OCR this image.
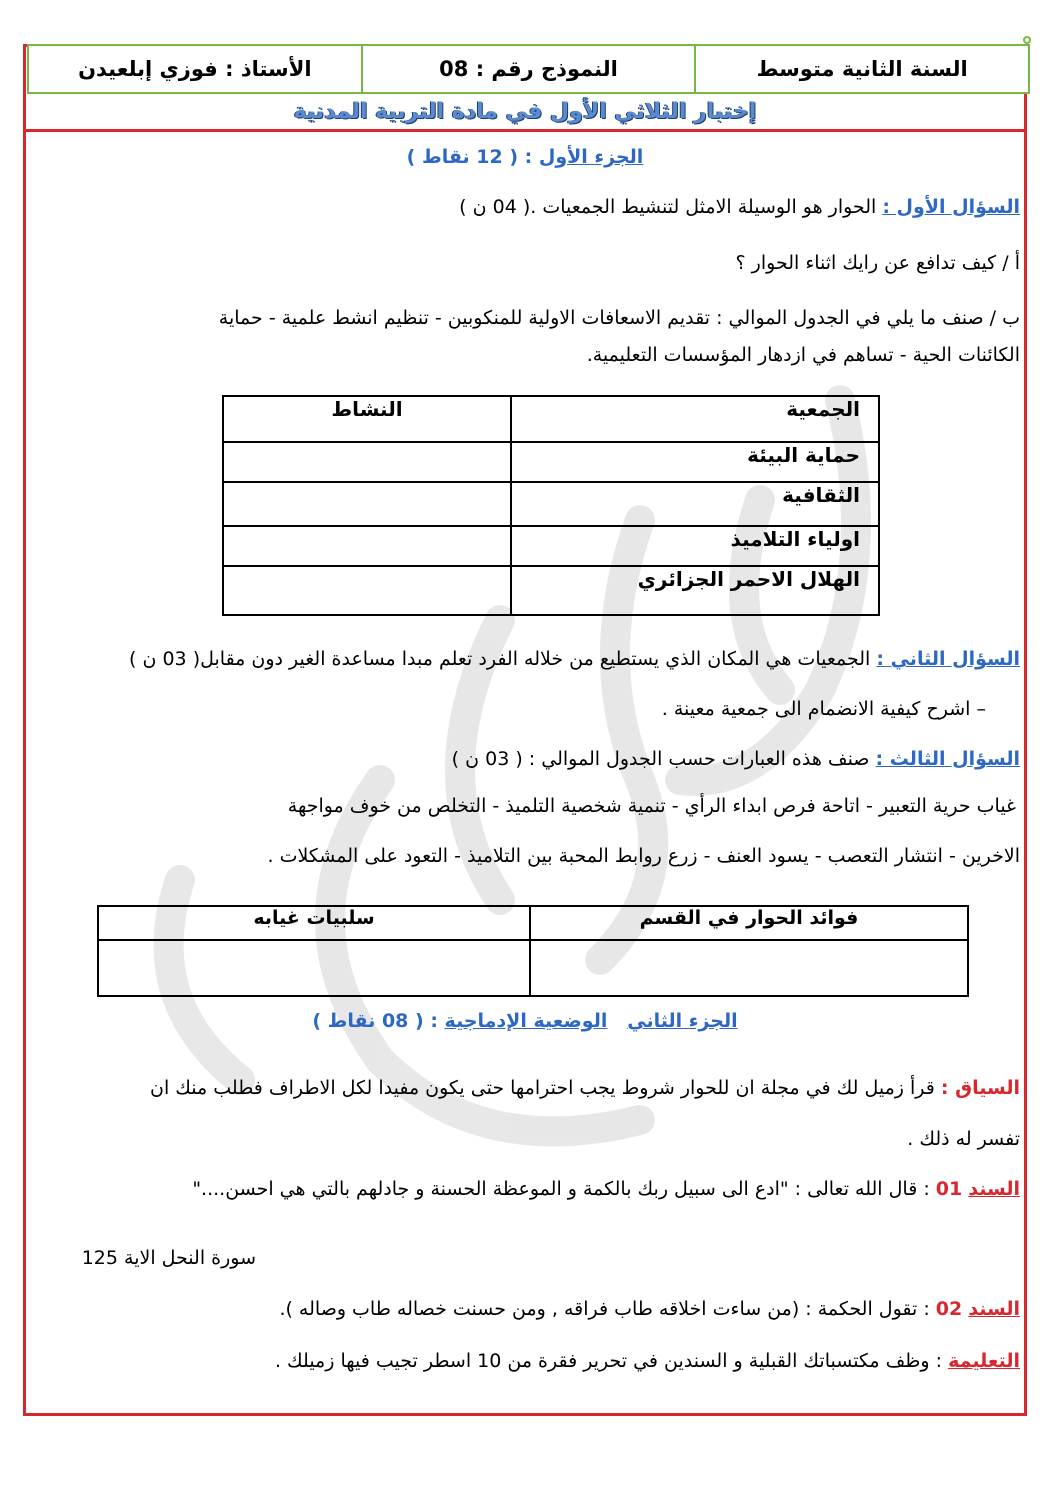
السنة الثانية متوسط
النموذج رقم : 08
الأستاذ : فوزي إبلعيدن
إختبار الثلاثي الأول في مادة التربية المدنية
الجزء الأول : ( 12 نقاط )
السؤال الأول : الحوار هو الوسيلة الامثل لتنشيط الجمعيات .( 04 ن )
أ / كيف تدافع عن رايك اثناء الحوار ؟
ب / صنف ما يلي في الجدول الموالي : تقديم الاسعافات الاولية للمنكوبين - تنظيم انشط علمية - حماية
الكائنات الحية - تساهم في ازدهار المؤسسات التعليمية.
الجمعية	النشاط
حماية البيئة	
الثقافية	
اولياء التلاميذ	
الهلال الاحمر الجزائري	
السؤال الثاني : الجمعيات هي المكان الذي يستطيع من خلاله الفرد تعلم مبدا مساعدة الغير دون مقابل( 03 ن )
– اشرح كيفية الانضمام الى جمعية معينة .
السؤال الثالث : صنف هذه العبارات حسب الجدول الموالي : ( 03 ن )
غياب حرية التعبير - اتاحة فرص ابداء الرأي - تنمية شخصية التلميذ - التخلص من خوف مواجهة
الاخرين - انتشار التعصب - يسود العنف - زرع روابط المحبة بين التلاميذ - التعود على المشكلات .
فوائد الحوار في القسم	سلبيات غيابه

الجزء الثاني   الوضعية الإدماجية : ( 08 نقاط )
السياق : قرأ زميل لك في مجلة ان للحوار شروط يجب احترامها حتى يكون مفيدا لكل الاطراف فطلب منك ان
تفسر له ذلك .
السند 01 : قال الله تعالى : "ادع الى سبيل ربك بالكمة و الموعظة الحسنة و جادلهم بالتي هي احسن...."
سورة النحل الاية 125
السند 02 : تقول الحكمة : (من ساءت اخلاقه طاب فراقه , ومن حسنت خصاله طاب وصاله ).
التعليمة : وظف مكتسباتك القبلية و السندين في تحرير فقرة من 10 اسطر تجيب فيها زميلك .
